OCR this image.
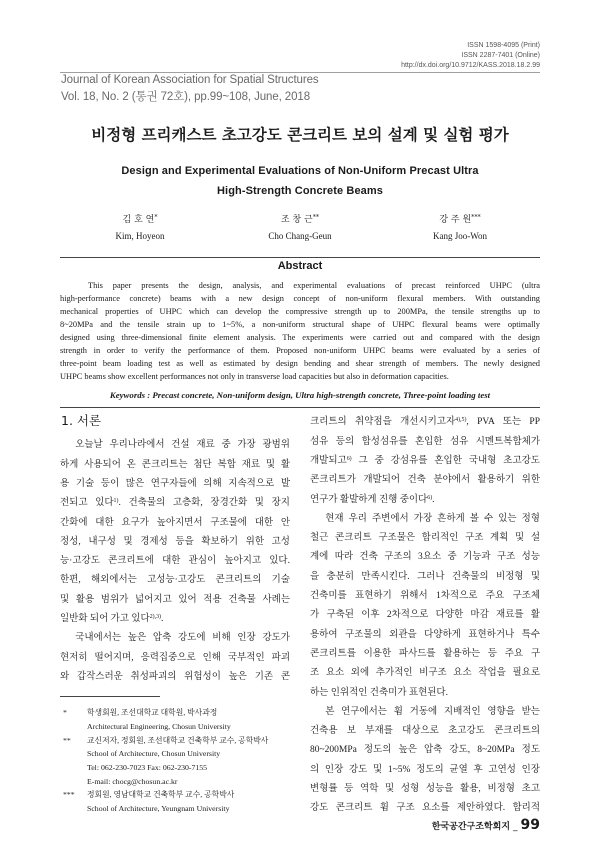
ISSN 1598-4095 (Print)
ISSN 2287-7401 (Online)
http://dx.doi.org/10.9712/KASS.2018.18.2.99
Journal of Korean Association for Spatial Structures
Vol. 18, No. 2 (통권 72호), pp.99~108, June, 2018
비정형 프리캐스트 초고강도 콘크리트 보의 설계 및 실험 평가
Design and Experimental Evaluations of Non-Uniform Precast Ultra
High-Strength Concrete Beams
김 호 연*
Kim, Hoyeon
조 창 근**
Cho Chang-Geun
강 주 원***
Kang Joo-Won
Abstract
This paper presents the design, analysis, and experimental evaluations of precast reinforced UHPC (ultra
high-performance concrete) beams with a new design concept of non-uniform flexural members. With outstanding
mechanical properties of UHPC which can develop the compressive strength up to 200MPa, the tensile strengths up to
8~20MPa and the tensile strain up to 1~5%, a non-uniform structural shape of UHPC flexural beams were optimally
designed using three-dimensional finite element analysis. The experiments were carried out and compared with the design
strength in order to verify the performance of them. Proposed non-uniform UHPC beams were evaluated by a series of
three-point beam loading test as well as estimated by design bending and shear strength of members. The newly designed
UHPC beams show excellent performances not only in transverse load capacities but also in deformation capacities.
Keywords : Precast concrete, Non-uniform design, Ultra high-strength concrete, Three-point loading test
1. 서론
오늘날 우리나라에서 건설 재료 중 가장 광범위
하게 사용되어 온 콘크리트는 첨단 복합 재료 및 활
용 기술 등이 많은 연구자들에 의해 지속적으로 발
전되고 있다$^{1)}$. 건축물의 고층화, 장경간화 및 장지
간화에 대한 요구가 높아지면서 구조물에 대한 안
정성, 내구성 및 경제성 등을 확보하기 위한 고성
능·고강도 콘크리트에 대한 관심이 높아지고 있다.
한편, 해외에서는 고성능·고강도 콘크리트의 기술
및 활용 범위가 넓어지고 있어 적용 건축물 사례는
일반화 되어 가고 있다$^{2),3)}$.
국내에서는 높은 압축 강도에 비해 인장 강도가
현저히 떨어지며, 응력집중으로 인해 국부적인 파괴
와 갑작스러운 취성파괴의 위험성이 높은 기존 콘
크리트의 취약점을 개선시키고자$^{4),5)}$, PVA 또는 PP
섬유 등의 합성섬유를 혼입한 섬유 시멘트복합체가
개발되고$^{6)}$ 그 중 강섬유를 혼입한 국내형 초고강도
콘크리트가 개발되어 건축 분야에서 활용하기 위한
연구가 활발하게 진행 중이다$^{6)}$.
현재 우리 주변에서 가장 흔하게 볼 수 있는 정형
철근 콘크리트 구조물은 합리적인 구조 계획 및 설
계에 따라 건축 구조의 3요소 중 기능과 구조 성능
을 충분히 만족시킨다. 그러나 건축물의 비정형 및
건축미를 표현하기 위해서 1차적으로 주요 구조체
가 구축된 이후 2차적으로 다양한 마감 재료를 활
용하여 구조물의 외관을 다양하게 표현하거나 특수
콘크리트를 이용한 파사드를 활용하는 등 주요 구
조 요소 외에 추가적인 비구조 요소 작업을 필요로
하는 인위적인 건축미가 표현된다.
본 연구에서는 휨 거동에 지배적인 영향을 받는
건축용 보 부재를 대상으로 초고강도 콘크리트의
80~200MPa 정도의 높은 압축 강도, 8~20MPa 정도
의 인장 강도 및 1~5% 정도의 균열 후 고연성 인장
변형률 등 역학 및 성형 성능을 활용, 비정형 초고
강도 콘크리트 휨 구조 요소를 제안하였다. 합리적
*	학생회원, 조선대학교 대학원, 박사과정
Architectural Engineering, Chosun University
**	교신저자, 정회원, 조선대학교 건축학부 교수, 공학박사
School of Architecture, Chosun University
Tel: 062-230-7023 Fax: 062-230-7155
E-mail: chocg@chosun.ac.kr
***	정회원, 영남대학교 건축학부 교수, 공학박사
School of Architecture, Yeungnam University
한국공간구조학회지 _ 99
